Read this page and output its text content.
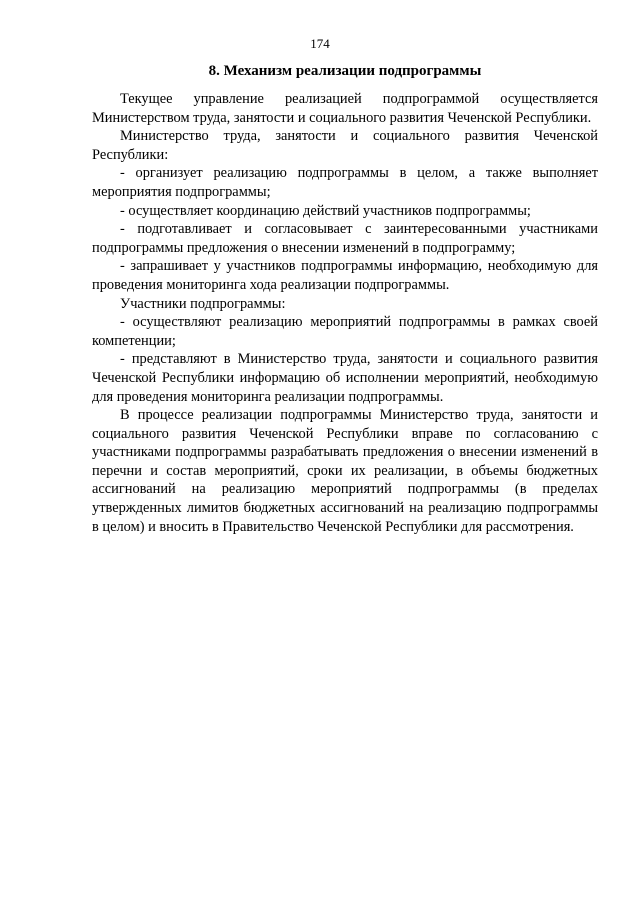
174
8. Механизм реализации подпрограммы

Текущее управление реализацией подпрограммой осуществляется Министерством труда, занятости и социального развития Чеченской Республики.

Министерство труда, занятости и социального развития Чеченской Республики:

- организует реализацию подпрограммы в целом, а также выполняет мероприятия подпрограммы;

- осуществляет координацию действий участников подпрограммы;

- подготавливает и согласовывает с заинтересованными участниками подпрограммы предложения о внесении изменений в подпрограмму;

- запрашивает у участников подпрограммы информацию, необходимую для проведения мониторинга хода реализации подпрограммы.

Участники подпрограммы:

- осуществляют реализацию мероприятий подпрограммы в рамках своей компетенции;

- представляют в Министерство труда, занятости и социального развития Чеченской Республики информацию об исполнении мероприятий, необходимую для проведения мониторинга реализации подпрограммы.

В процессе реализации подпрограммы Министерство труда, занятости и социального развития Чеченской Республики вправе по согласованию с участниками подпрограммы разрабатывать предложения о внесении изменений в перечни и состав мероприятий, сроки их реализации, в объемы бюджетных ассигнований на реализацию мероприятий подпрограммы (в пределах утвержденных лимитов бюджетных ассигнований на реализацию подпрограммы в целом) и вносить в Правительство Чеченской Республики для рассмотрения.
